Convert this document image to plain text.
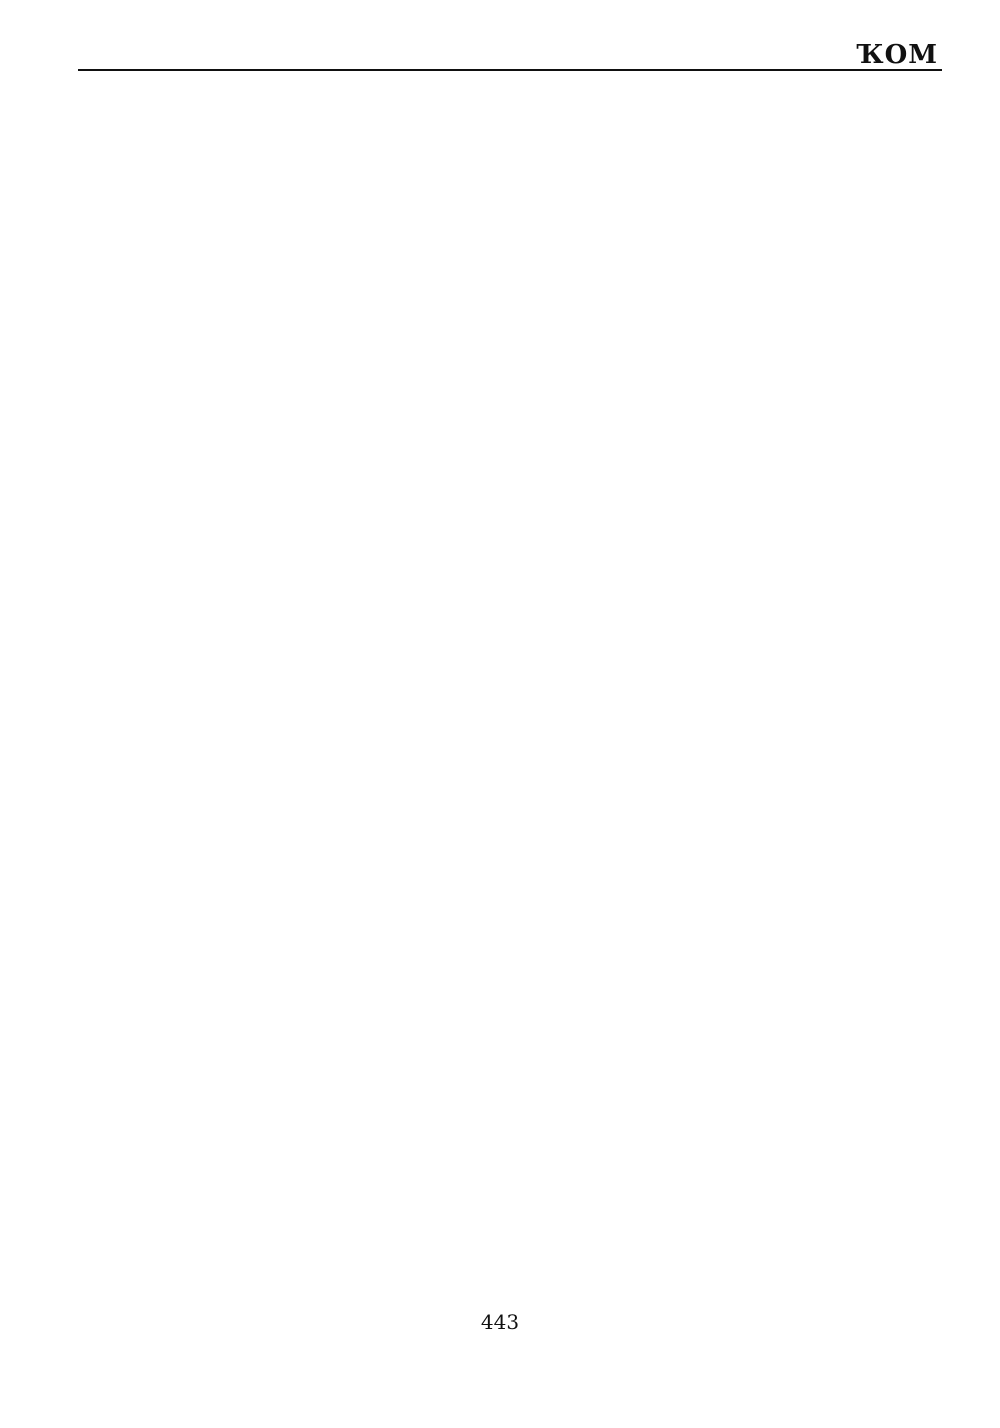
ҠОМ
443
